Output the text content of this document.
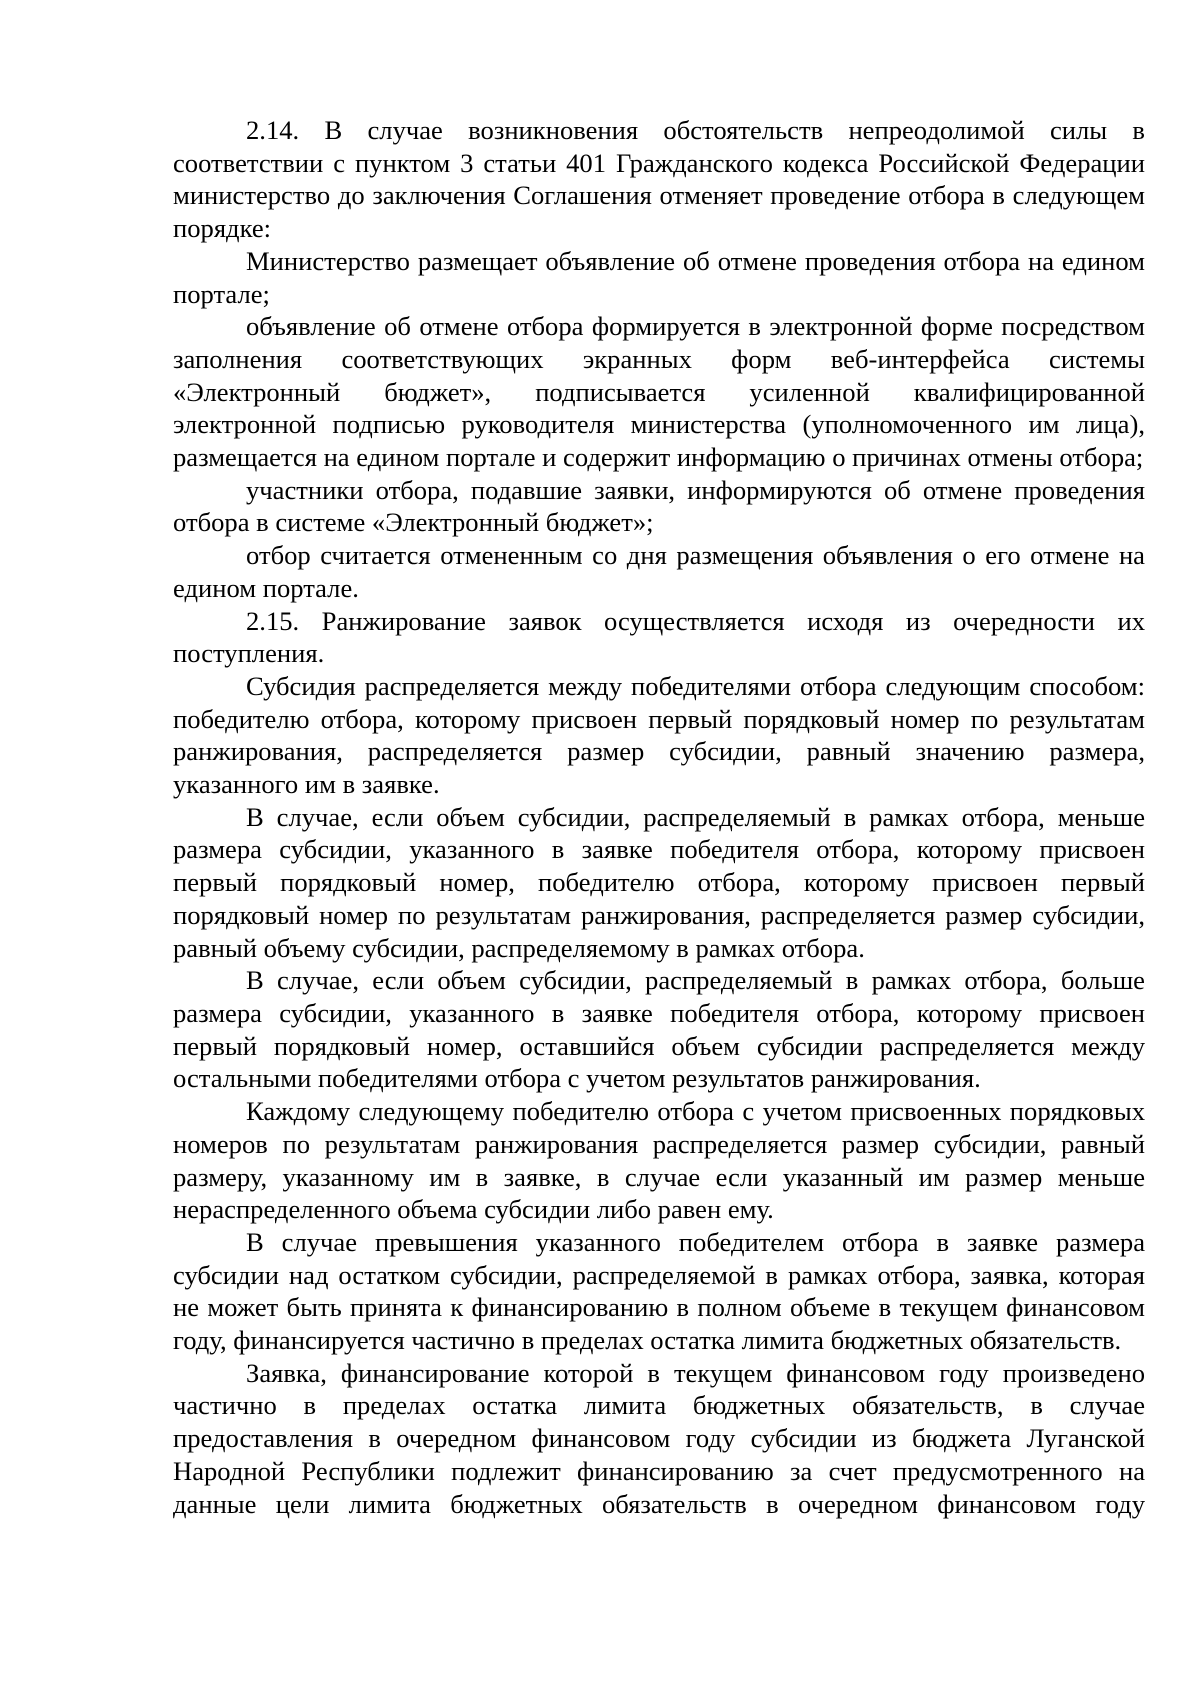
2.14. В случае возникновения обстоятельств непреодолимой силы в соответствии с пунктом 3 статьи 401 Гражданского кодекса Российской Федерации министерство до заключения Соглашения отменяет проведение отбора в следующем порядке:

Министерство размещает объявление об отмене проведения отбора на едином портале;

объявление об отмене отбора формируется в электронной форме посредством заполнения соответствующих экранных форм веб-интерфейса системы «Электронный бюджет», подписывается усиленной квалифицированной электронной подписью руководителя министерства (уполномоченного им лица), размещается на едином портале и содержит информацию о причинах отмены отбора;

участники отбора, подавшие заявки, информируются об отмене проведения отбора в системе «Электронный бюджет»;

отбор считается отмененным со дня размещения объявления о его отмене на едином портале.

2.15. Ранжирование заявок осуществляется исходя из очередности их поступления.

Субсидия распределяется между победителями отбора следующим способом: победителю отбора, которому присвоен первый порядковый номер по результатам ранжирования, распределяется размер субсидии, равный значению размера, указанного им в заявке.

В случае, если объем субсидии, распределяемый в рамках отбора, меньше размера субсидии, указанного в заявке победителя отбора, которому присвоен первый порядковый номер, победителю отбора, которому присвоен первый порядковый номер по результатам ранжирования, распределяется размер субсидии, равный объему субсидии, распределяемому в рамках отбора.

В случае, если объем субсидии, распределяемый в рамках отбора, больше размера субсидии, указанного в заявке победителя отбора, которому присвоен первый порядковый номер, оставшийся объем субсидии распределяется между остальными победителями отбора с учетом результатов ранжирования.

Каждому следующему победителю отбора с учетом присвоенных порядковых номеров по результатам ранжирования распределяется размер субсидии, равный размеру, указанному им в заявке, в случае если указанный им размер меньше нераспределенного объема субсидии либо равен ему.

В случае превышения указанного победителем отбора в заявке размера субсидии над остатком субсидии, распределяемой в рамках отбора, заявка, которая не может быть принята к финансированию в полном объеме в текущем финансовом году, финансируется частично в пределах остатка лимита бюджетных обязательств.

Заявка, финансирование которой в текущем финансовом году произведено частично в пределах остатка лимита бюджетных обязательств, в случае предоставления в очередном финансовом году субсидии из бюджета Луганской Народной Республики подлежит финансированию за счет предусмотренного на данные цели лимита бюджетных обязательств в очередном финансовом году
